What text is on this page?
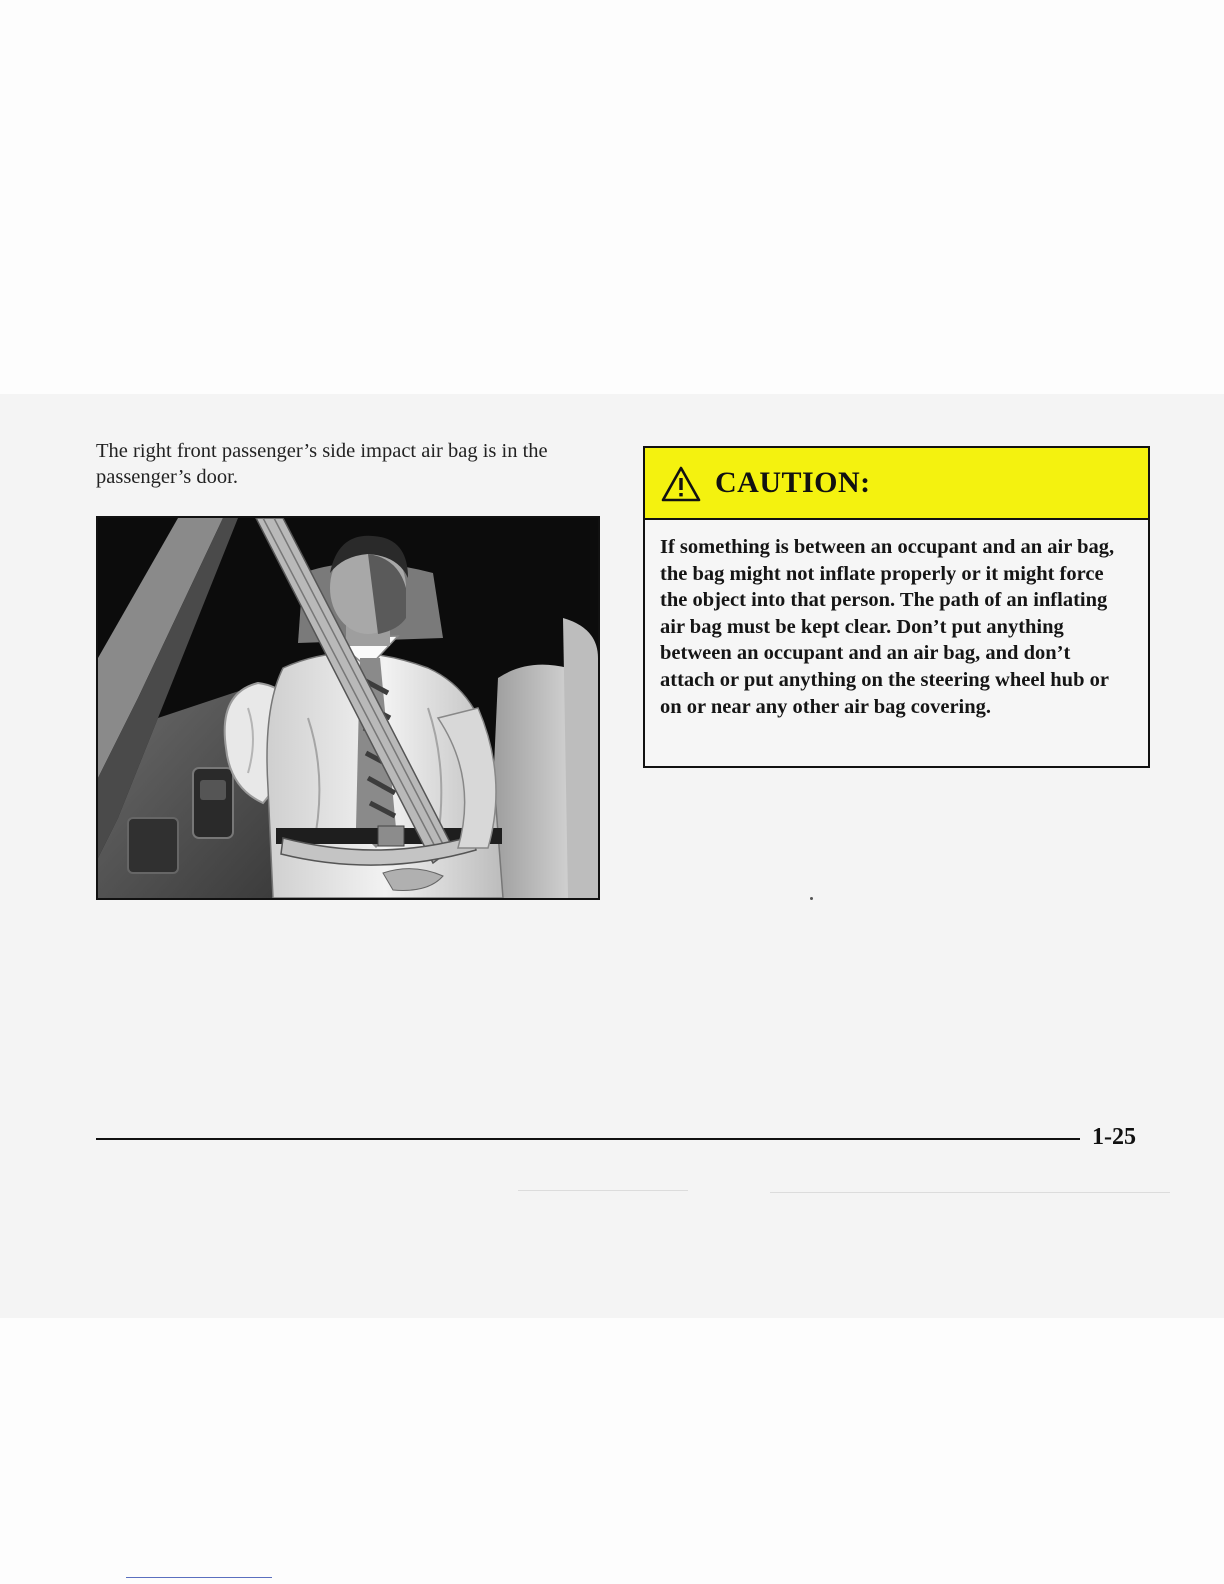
The right front passenger’s side impact air bag is in the passenger’s door.	CAUTION:
If something is between an occupant and an air bag, the bag might not inflate properly or it might force the object into that person. The path of an inflating air bag must be kept clear. Don’t put anything between an occupant and an air bag, and don’t attach or put anything on the steering wheel hub or on or near any other air bag covering.
1-25
